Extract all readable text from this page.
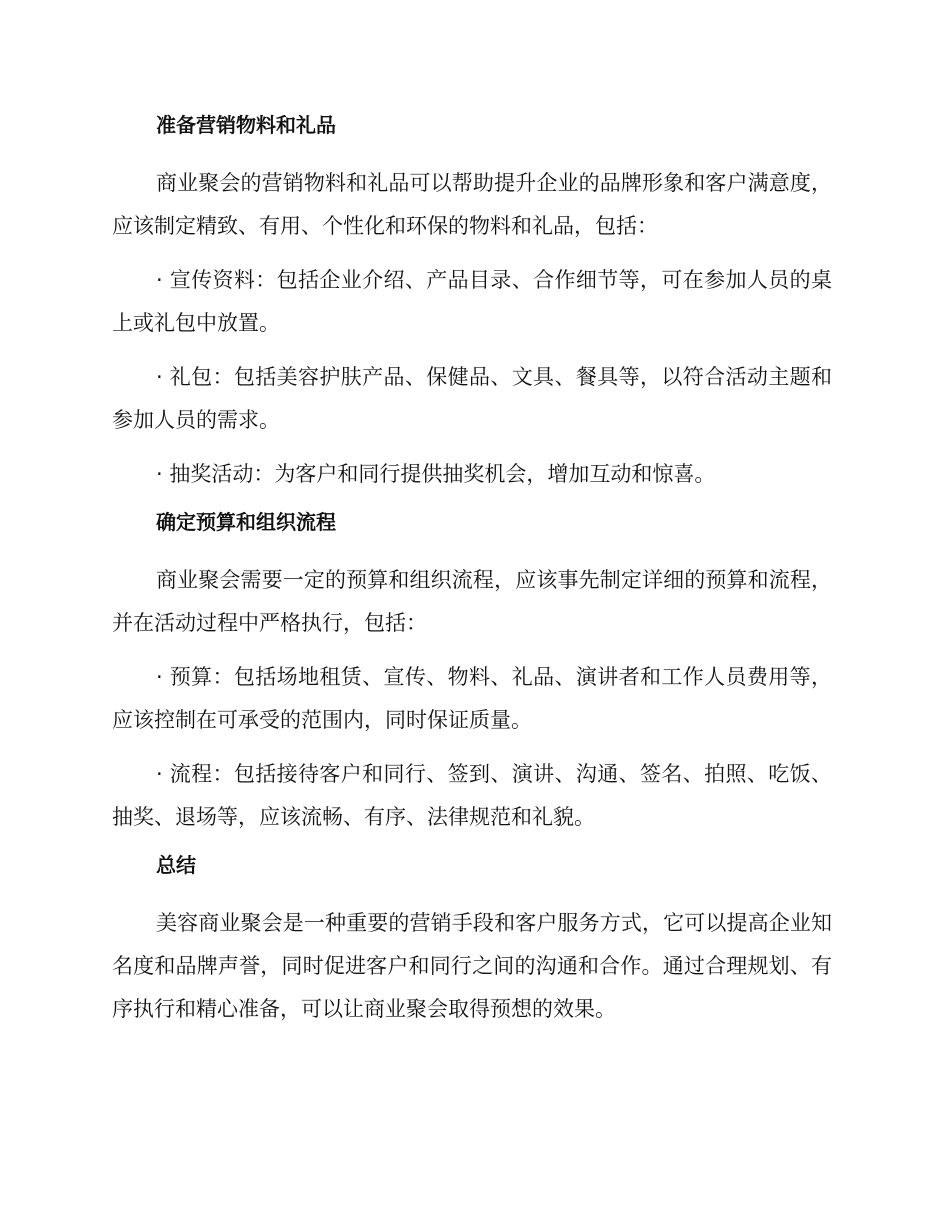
准备营销物料和礼品

商业聚会的营销物料和礼品可以帮助提升企业的品牌形象和客户满意度，应该制定精致、有用、个性化和环保的物料和礼品，包括：

· 宣传资料：包括企业介绍、产品目录、合作细节等，可在参加人员的桌上或礼包中放置。

· 礼包：包括美容护肤产品、保健品、文具、餐具等，以符合活动主题和参加人员的需求。

· 抽奖活动：为客户和同行提供抽奖机会，增加互动和惊喜。

确定预算和组织流程

商业聚会需要一定的预算和组织流程，应该事先制定详细的预算和流程，并在活动过程中严格执行，包括：

· 预算：包括场地租赁、宣传、物料、礼品、演讲者和工作人员费用等，应该控制在可承受的范围内，同时保证质量。

· 流程：包括接待客户和同行、签到、演讲、沟通、签名、拍照、吃饭、抽奖、退场等，应该流畅、有序、法律规范和礼貌。

总结

美容商业聚会是一种重要的营销手段和客户服务方式，它可以提高企业知名度和品牌声誉，同时促进客户和同行之间的沟通和合作。通过合理规划、有序执行和精心准备，可以让商业聚会取得预想的效果。
